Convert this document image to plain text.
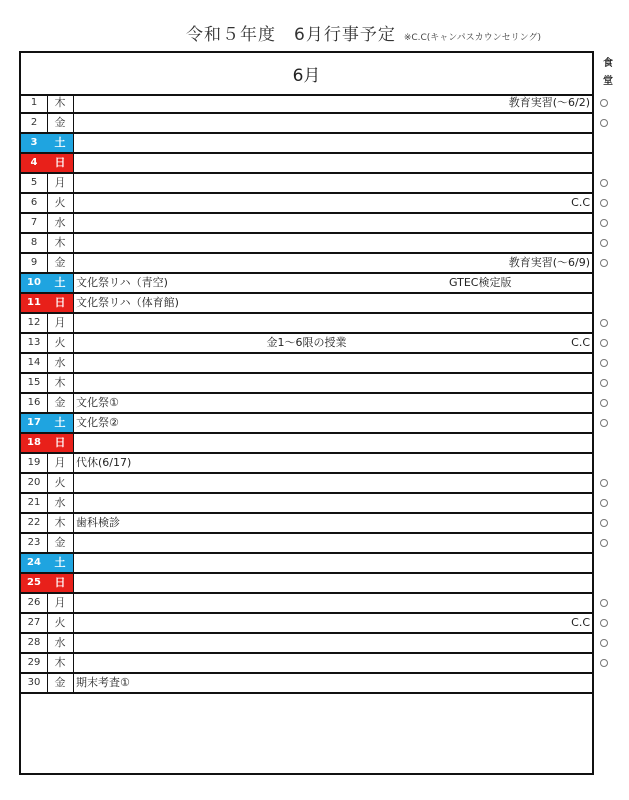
令和５年度　6月行事予定 ※C.C(キャンパスカウンセリング)
6月
1	木	教育実習(～6/2)
2	金
3	土
4	日
5	月
6	火	C.C
7	水
8	木
9	金	教育実習(～6/9)
10	土 文化祭リハ（青空)	GTEC検定版
11	日 文化祭リハ（体育館)
12	月
13	火	金1～6限の授業	C.C
14	水
15	木
16	金 文化祭①
17	土 文化祭②
18	日
19	月 代休(6/17)
20	火
21	水
22	木 歯科検診
23	金
24	土
25	日
26	月
27	火	C.C
28	水
29	木
30	金 期末考査①
食
堂
